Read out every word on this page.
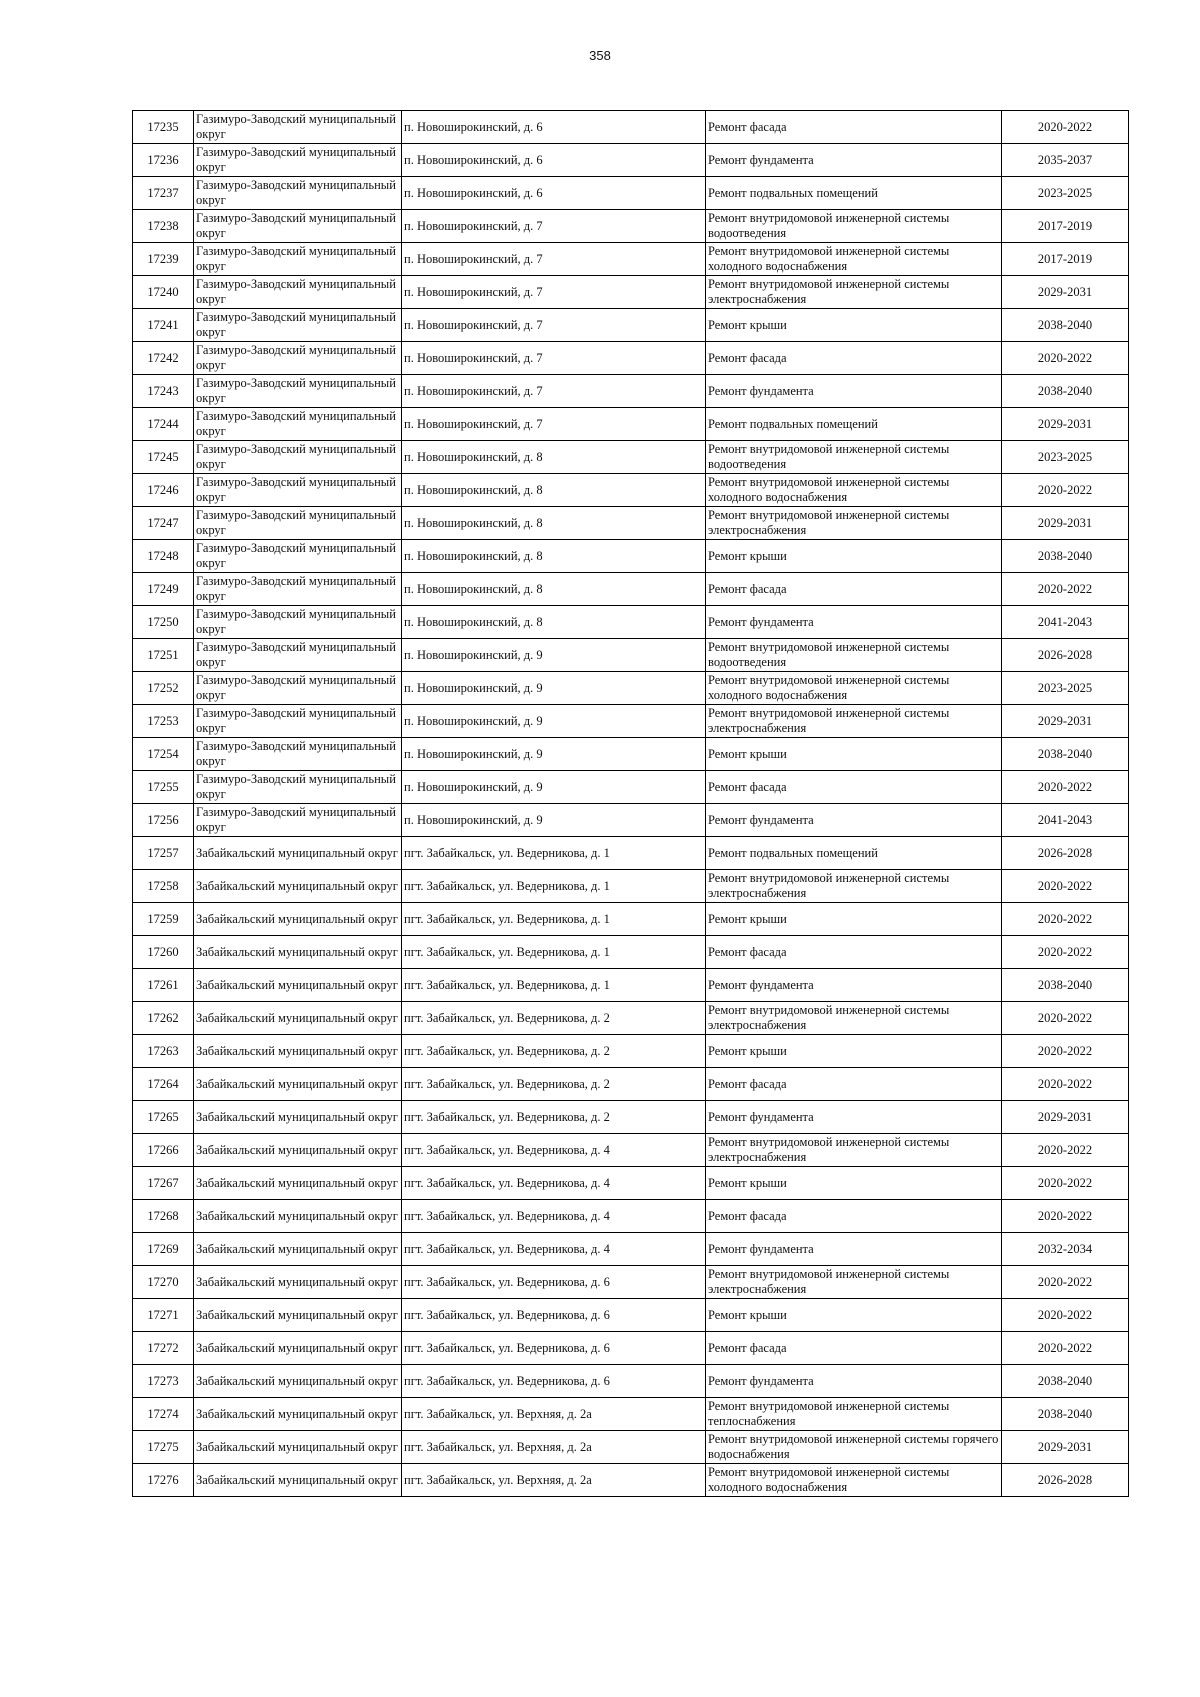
358
17235	Газимуро-Заводский муниципальный округ	п. Новоширокинский, д. 6	Ремонт фасада	2020-2022
17236	Газимуро-Заводский муниципальный округ	п. Новоширокинский, д. 6	Ремонт фундамента	2035-2037
17237	Газимуро-Заводский муниципальный округ	п. Новоширокинский, д. 6	Ремонт подвальных помещений	2023-2025
17238	Газимуро-Заводский муниципальный округ	п. Новоширокинский, д. 7	Ремонт внутридомовой инженерной системы водоотведения	2017-2019
17239	Газимуро-Заводский муниципальный округ	п. Новоширокинский, д. 7	Ремонт внутридомовой инженерной системы холодного водоснабжения	2017-2019
17240	Газимуро-Заводский муниципальный округ	п. Новоширокинский, д. 7	Ремонт внутридомовой инженерной системы электроснабжения	2029-2031
17241	Газимуро-Заводский муниципальный округ	п. Новоширокинский, д. 7	Ремонт крыши	2038-2040
17242	Газимуро-Заводский муниципальный округ	п. Новоширокинский, д. 7	Ремонт фасада	2020-2022
17243	Газимуро-Заводский муниципальный округ	п. Новоширокинский, д. 7	Ремонт фундамента	2038-2040
17244	Газимуро-Заводский муниципальный округ	п. Новоширокинский, д. 7	Ремонт подвальных помещений	2029-2031
17245	Газимуро-Заводский муниципальный округ	п. Новоширокинский, д. 8	Ремонт внутридомовой инженерной системы водоотведения	2023-2025
17246	Газимуро-Заводский муниципальный округ	п. Новоширокинский, д. 8	Ремонт внутридомовой инженерной системы холодного водоснабжения	2020-2022
17247	Газимуро-Заводский муниципальный округ	п. Новоширокинский, д. 8	Ремонт внутридомовой инженерной системы электроснабжения	2029-2031
17248	Газимуро-Заводский муниципальный округ	п. Новоширокинский, д. 8	Ремонт крыши	2038-2040
17249	Газимуро-Заводский муниципальный округ	п. Новоширокинский, д. 8	Ремонт фасада	2020-2022
17250	Газимуро-Заводский муниципальный округ	п. Новоширокинский, д. 8	Ремонт фундамента	2041-2043
17251	Газимуро-Заводский муниципальный округ	п. Новоширокинский, д. 9	Ремонт внутридомовой инженерной системы водоотведения	2026-2028
17252	Газимуро-Заводский муниципальный округ	п. Новоширокинский, д. 9	Ремонт внутридомовой инженерной системы холодного водоснабжения	2023-2025
17253	Газимуро-Заводский муниципальный округ	п. Новоширокинский, д. 9	Ремонт внутридомовой инженерной системы электроснабжения	2029-2031
17254	Газимуро-Заводский муниципальный округ	п. Новоширокинский, д. 9	Ремонт крыши	2038-2040
17255	Газимуро-Заводский муниципальный округ	п. Новоширокинский, д. 9	Ремонт фасада	2020-2022
17256	Газимуро-Заводский муниципальный округ	п. Новоширокинский, д. 9	Ремонт фундамента	2041-2043
17257	Забайкальский муниципальный округ	пгт. Забайкальск, ул. Ведерникова, д. 1	Ремонт подвальных помещений	2026-2028
17258	Забайкальский муниципальный округ	пгт. Забайкальск, ул. Ведерникова, д. 1	Ремонт внутридомовой инженерной системы электроснабжения	2020-2022
17259	Забайкальский муниципальный округ	пгт. Забайкальск, ул. Ведерникова, д. 1	Ремонт крыши	2020-2022
17260	Забайкальский муниципальный округ	пгт. Забайкальск, ул. Ведерникова, д. 1	Ремонт фасада	2020-2022
17261	Забайкальский муниципальный округ	пгт. Забайкальск, ул. Ведерникова, д. 1	Ремонт фундамента	2038-2040
17262	Забайкальский муниципальный округ	пгт. Забайкальск, ул. Ведерникова, д. 2	Ремонт внутридомовой инженерной системы электроснабжения	2020-2022
17263	Забайкальский муниципальный округ	пгт. Забайкальск, ул. Ведерникова, д. 2	Ремонт крыши	2020-2022
17264	Забайкальский муниципальный округ	пгт. Забайкальск, ул. Ведерникова, д. 2	Ремонт фасада	2020-2022
17265	Забайкальский муниципальный округ	пгт. Забайкальск, ул. Ведерникова, д. 2	Ремонт фундамента	2029-2031
17266	Забайкальский муниципальный округ	пгт. Забайкальск, ул. Ведерникова, д. 4	Ремонт внутридомовой инженерной системы электроснабжения	2020-2022
17267	Забайкальский муниципальный округ	пгт. Забайкальск, ул. Ведерникова, д. 4	Ремонт крыши	2020-2022
17268	Забайкальский муниципальный округ	пгт. Забайкальск, ул. Ведерникова, д. 4	Ремонт фасада	2020-2022
17269	Забайкальский муниципальный округ	пгт. Забайкальск, ул. Ведерникова, д. 4	Ремонт фундамента	2032-2034
17270	Забайкальский муниципальный округ	пгт. Забайкальск, ул. Ведерникова, д. 6	Ремонт внутридомовой инженерной системы электроснабжения	2020-2022
17271	Забайкальский муниципальный округ	пгт. Забайкальск, ул. Ведерникова, д. 6	Ремонт крыши	2020-2022
17272	Забайкальский муниципальный округ	пгт. Забайкальск, ул. Ведерникова, д. 6	Ремонт фасада	2020-2022
17273	Забайкальский муниципальный округ	пгт. Забайкальск, ул. Ведерникова, д. 6	Ремонт фундамента	2038-2040
17274	Забайкальский муниципальный округ	пгт. Забайкальск, ул. Верхняя, д. 2а	Ремонт внутридомовой инженерной системы теплоснабжения	2038-2040
17275	Забайкальский муниципальный округ	пгт. Забайкальск, ул. Верхняя, д. 2а	Ремонт внутридомовой инженерной системы горячего водоснабжения	2029-2031
17276	Забайкальский муниципальный округ	пгт. Забайкальск, ул. Верхняя, д. 2а	Ремонт внутридомовой инженерной системы холодного водоснабжения	2026-2028
